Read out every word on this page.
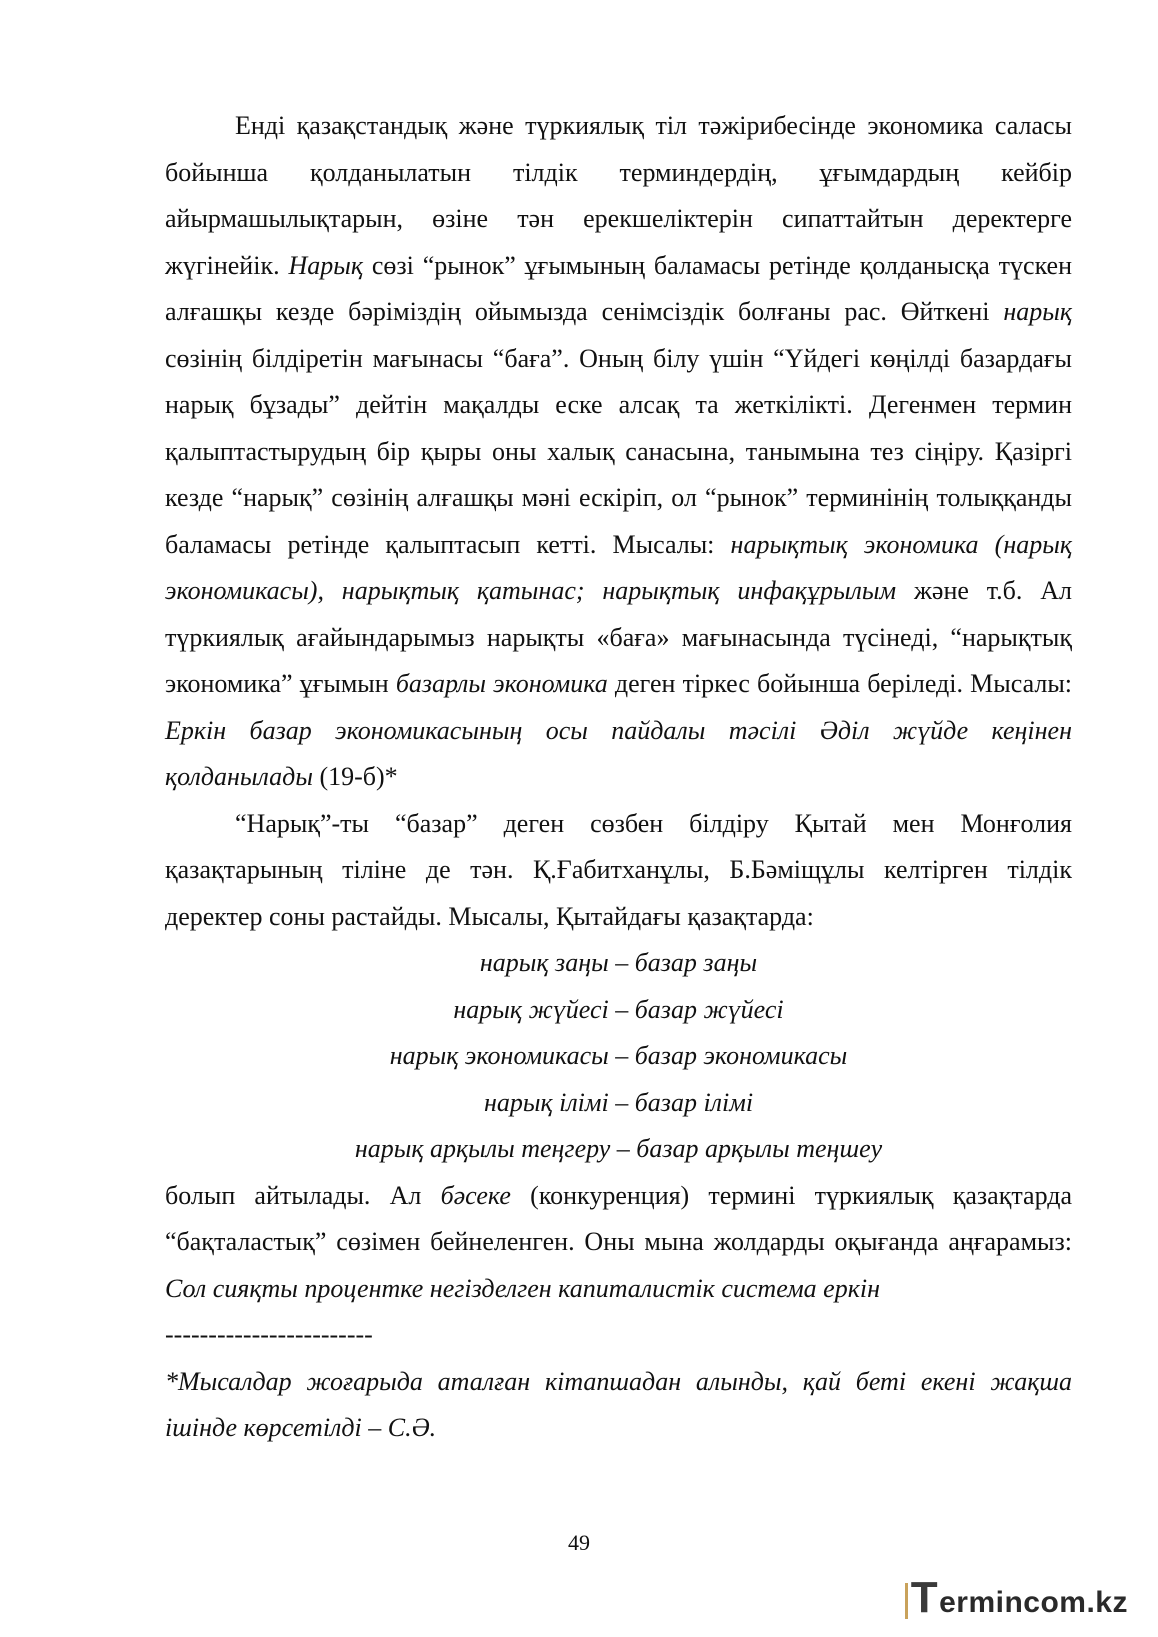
Енді қазақстандық және түркиялық тіл тәжірибесінде экономика саласы бойынша қолданылатын тілдік терминдердің, ұғымдардың кейбір айырмашылықтарын, өзіне тән ерекшеліктерін сипаттайтын деректерге жүгінейік. Нарық сөзі “рынок” ұғымының баламасы ретінде қолданысқа түскен алғашқы кезде бәріміздің ойымызда сенімсіздік болғаны рас. Өйткені нарық сөзінің білдіретін мағынасы “баға”. Оның білу үшін “Үйдегі көңілді базардағы нарық бұзады” дейтін мақалды еске алсақ та жеткілікті. Дегенмен термин қалыптастырудың бір қыры оны халық санасына, танымына тез сіңіру. Қазіргі кезде “нарық” сөзінің алғашқы мәні ескіріп, ол “рынок” терминінің толыққанды баламасы ретінде қалыптасып кетті. Мысалы: нарықтық экономика (нарық экономикасы), нарықтық қатынас; нарықтық инфақұрылым және т.б. Ал түркиялық ағайындарымыз нарықты «баға» мағынасында түсінеді, “нарықтық экономика” ұғымын базарлы экономика деген тіркес бойынша беріледі. Мысалы: Еркін базар экономикасының осы пайдалы тәсілі Әділ жүйде кеңінен қолданылады (19-б)*

“Нарық”-ты “базар” деген сөзбен білдіру Қытай мен Монғолия қазақтарының тіліне де тән. Қ.Ғабитханұлы, Б.Бәміщұлы келтірген тілдік деректер соны растайды. Мысалы, Қытайдағы қазақтарда:

нарық заңы – базар заңы
нарық жүйесі – базар жүйесі
нарық экономикасы – базар экономикасы
нарық ілімі – базар ілімі
нарық арқылы теңгеру – базар арқылы теңшеу

болып айтылады. Ал бәсеке (конкуренция) термині түркиялық қазақтарда “бақталастық” сөзімен бейнеленген. Оны мына жолдарды оқығанда аңғарамыз: Сол сияқты процентке негізделген капиталистік система еркін

------------------------

*Мысалдар жоғарыда аталған кітапшадан алынды, қай беті екені жақша ішінде көрсетілді – С.Ә.

49
Termincom.kz
